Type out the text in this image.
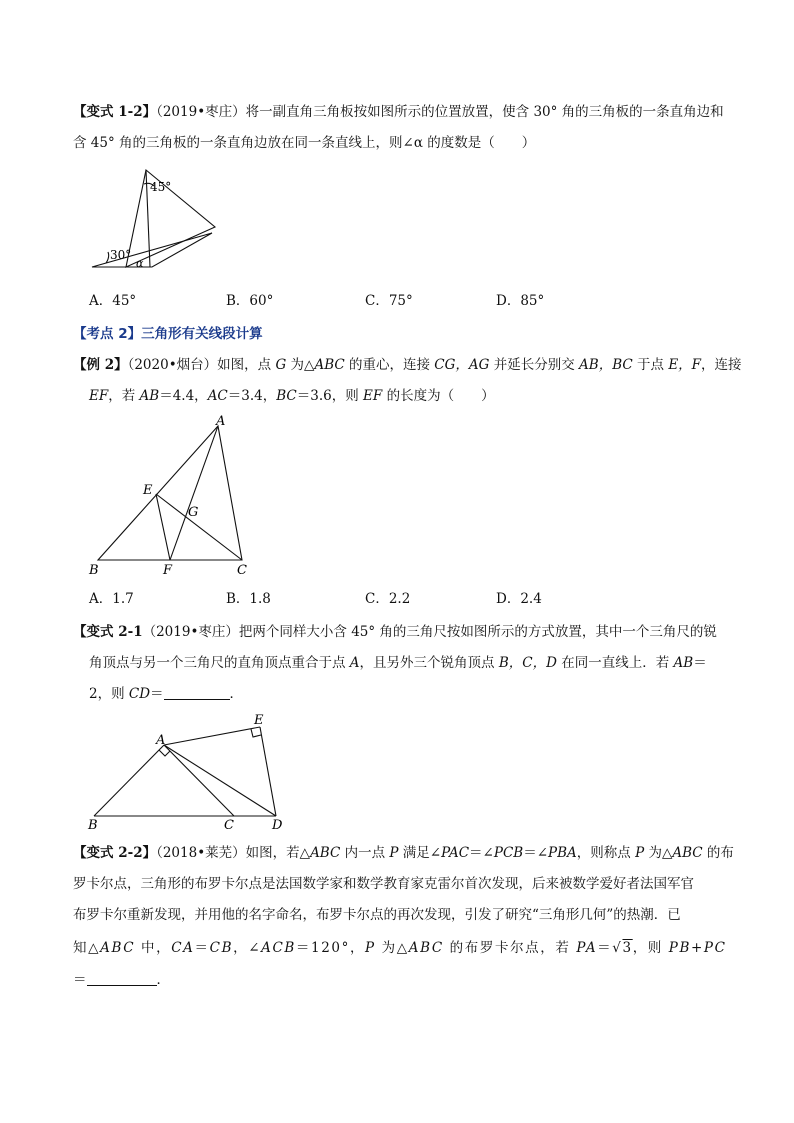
【变式 1-2】（2019•枣庄）将一副直角三角板按如图所示的位置放置，使含 30° 角的三角板的一条直角边和
含 45° 角的三角板的一条直角边放在同一条直线上，则∠α 的度数是（　　）
45°
30°
α
A．45°	B．60°	C．75°	D．85°
【考点 2】三角形有关线段计算
【例 2】（2020•烟台）如图，点 G 为△ABC 的重心，连接 CG，AG 并延长分别交 AB，BC 于点 E，F，连接
EF，若 AB＝4.4，AC＝3.4，BC＝3.6，则 EF 的长度为（　　）
A
E
G
B	F	C
A．1.7	B．1.8	C．2.2	D．2.4
【变式 2-1（2019•枣庄）把两个同样大小含 45° 角的三角尺按如图所示的方式放置，其中一个三角尺的锐
角顶点与另一个三角尺的直角顶点重合于点 A，且另外三个锐角顶点 B，C，D 在同一直线上．若 AB＝
2，则 CD＝	．
A
E
B	C	D
【变式 2-2】（2018•莱芜）如图，若△ABC 内一点 P 满足∠PAC＝∠PCB＝∠PBA，则称点 P 为△ABC 的布
罗卡尔点，三角形的布罗卡尔点是法国数学家和数学教育家克雷尔首次发现，后来被数学爱好者法国军官
布罗卡尔重新发现，并用他的名字命名，布罗卡尔点的再次发现，引发了研究“三角形几何”的热潮．已
知△ABC 中，CA＝CB，∠ACB＝120°，P 为△ABC 的布罗卡尔点，若 PA＝√3，则 PB+PC
＝	．
